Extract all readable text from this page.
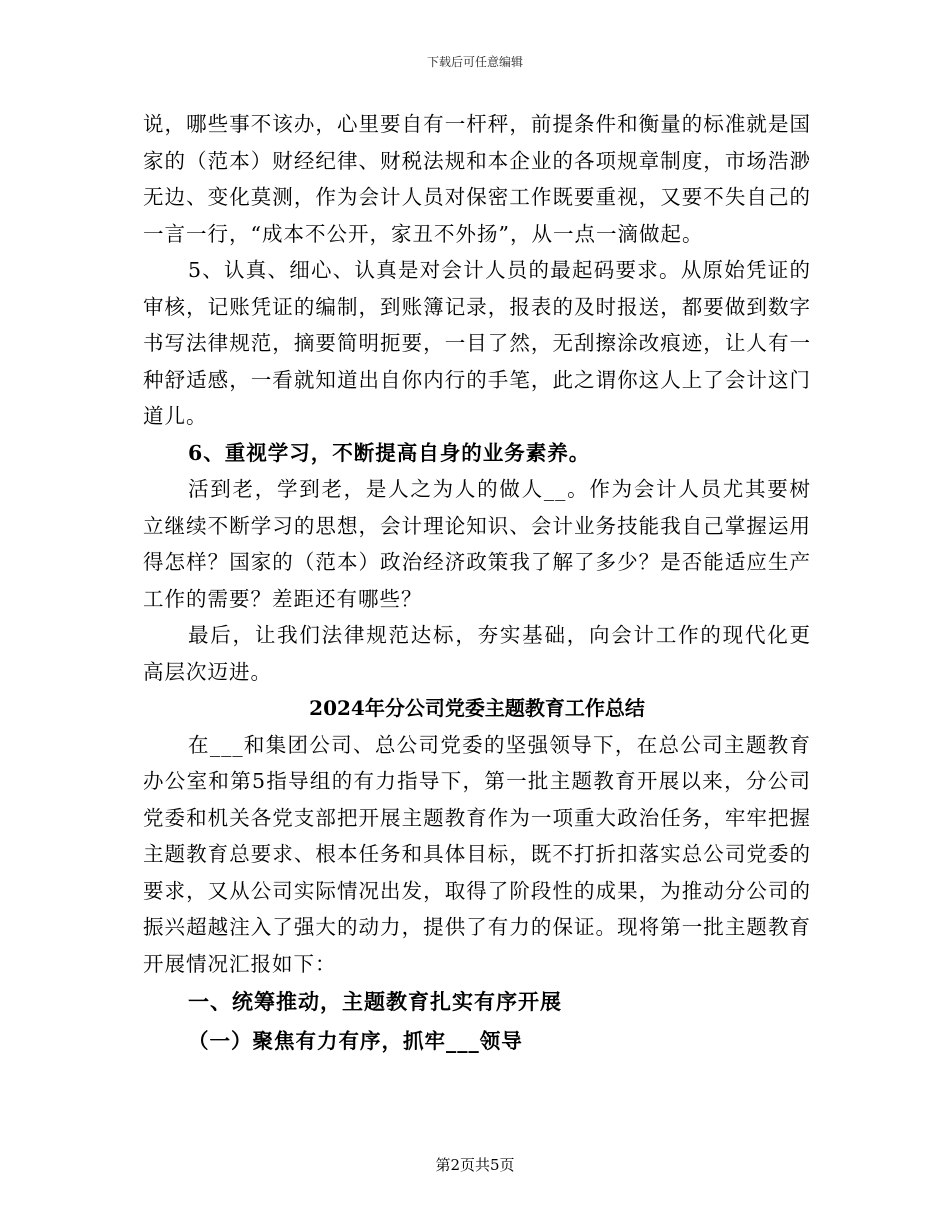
下载后可任意编辑

说，哪些事不该办，心里要自有一杆秤，前提条件和衡量的标准就是国家的（范本）财经纪律、财税法规和本企业的各项规章制度，市场浩渺无边、变化莫测，作为会计人员对保密工作既要重视，又要不失自己的一言一行，“成本不公开，家丑不外扬”，从一点一滴做起。

5、认真、细心、认真是对会计人员的最起码要求。从原始凭证的审核，记账凭证的编制，到账簿记录，报表的及时报送，都要做到数字书写法律规范，摘要简明扼要，一目了然，无刮擦涂改痕迹，让人有一种舒适感，一看就知道出自你内行的手笔，此之谓你这人上了会计这门道儿。

6、重视学习，不断提高自身的业务素养。

活到老，学到老，是人之为人的做人__。作为会计人员尤其要树立继续不断学习的思想，会计理论知识、会计业务技能我自己掌握运用得怎样？国家的（范本）政治经济政策我了解了多少？是否能适应生产工作的需要？差距还有哪些？

最后，让我们法律规范达标，夯实基础，向会计工作的现代化更高层次迈进。

2024年分公司党委主题教育工作总结

在___和集团公司、总公司党委的坚强领导下，在总公司主题教育办公室和第5指导组的有力指导下，第一批主题教育开展以来，分公司党委和机关各党支部把开展主题教育作为一项重大政治任务，牢牢把握主题教育总要求、根本任务和具体目标，既不打折扣落实总公司党委的要求，又从公司实际情况出发，取得了阶段性的成果，为推动分公司的振兴超越注入了强大的动力，提供了有力的保证。现将第一批主题教育开展情况汇报如下：

一、统筹推动，主题教育扎实有序开展

（一）聚焦有力有序，抓牢___领导

第2页共5页
